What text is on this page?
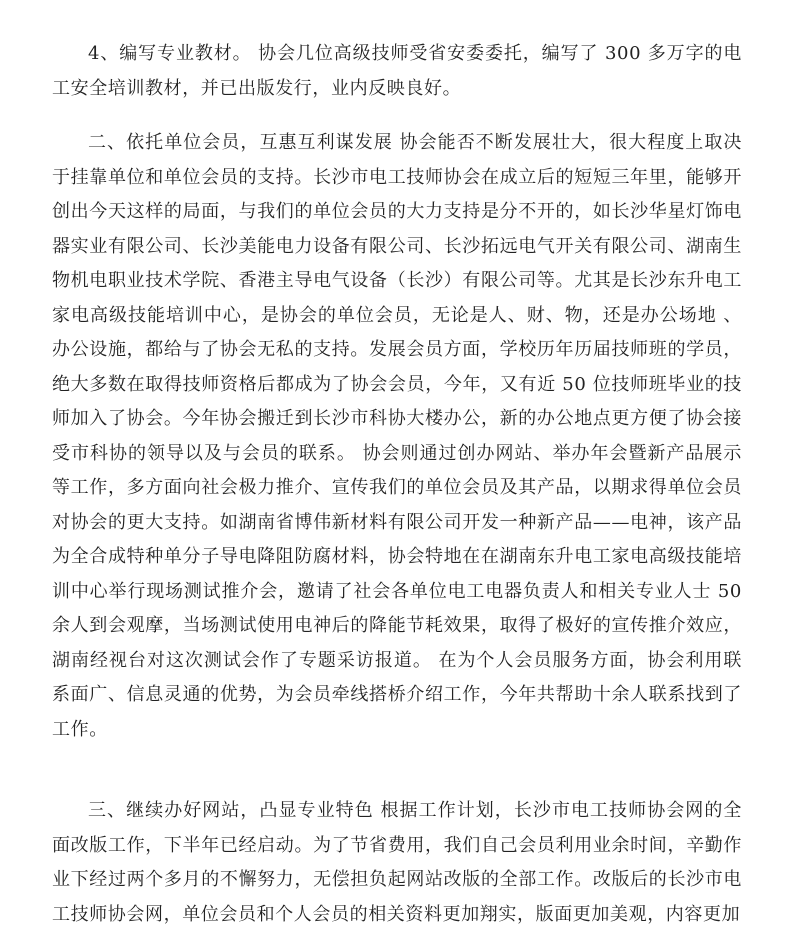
4、编写专业教材。 协会几位高级技师受省安委委托，编写了 300 多万字的电工安全培训教材，并已出版发行，业内反映良好。

二、依托单位会员，互惠互利谋发展 协会能否不断发展壮大，很大程度上取决于挂靠单位和单位会员的支持。长沙市电工技师协会在成立后的短短三年里，能够开创出今天这样的局面，与我们的单位会员的大力支持是分不开的，如长沙华星灯饰电器实业有限公司、长沙美能电力设备有限公司、长沙拓远电气开关有限公司、湖南生物机电职业技术学院、香港主导电气设备（长沙）有限公司等。尤其是长沙东升电工家电高级技能培训中心，是协会的单位会员，无论是人、财、物，还是办公场地 、办公设施，都给与了协会无私的支持。发展会员方面，学校历年历届技师班的学员，绝大多数在取得技师资格后都成为了协会会员，今年，又有近 50 位技师班毕业的技师加入了协会。今年协会搬迁到长沙市科协大楼办公，新的办公地点更方便了协会接受市科协的领导以及与会员的联系。 协会则通过创办网站、举办年会暨新产品展示等工作，多方面向社会极力推介、宣传我们的单位会员及其产品，以期求得单位会员对协会的更大支持。如湖南省博伟新材料有限公司开发一种新产品——电神，该产品为全合成特种单分子导电降阻防腐材料，协会特地在在湖南东升电工家电高级技能培训中心举行现场测试推介会，邀请了社会各单位电工电器负责人和相关专业人士 50 余人到会观摩，当场测试使用电神后的降能节耗效果，取得了极好的宣传推介效应，湖南经视台对这次测试会作了专题采访报道。 在为个人会员服务方面，协会利用联系面广、信息灵通的优势，为会员牵线搭桥介绍工作，今年共帮助十余人联系找到了工作。

三、继续办好网站，凸显专业特色 根据工作计划，长沙市电工技师协会网的全面改版工作，下半年已经启动。为了节省费用，我们自己会员利用业余时间，辛勤作业下经过两个多月的不懈努力，无偿担负起网站改版的全部工作。改版后的长沙市电工技师协会网，单位会员和个人会员的相关资料更加翔实，版面更加美观，内容更加
